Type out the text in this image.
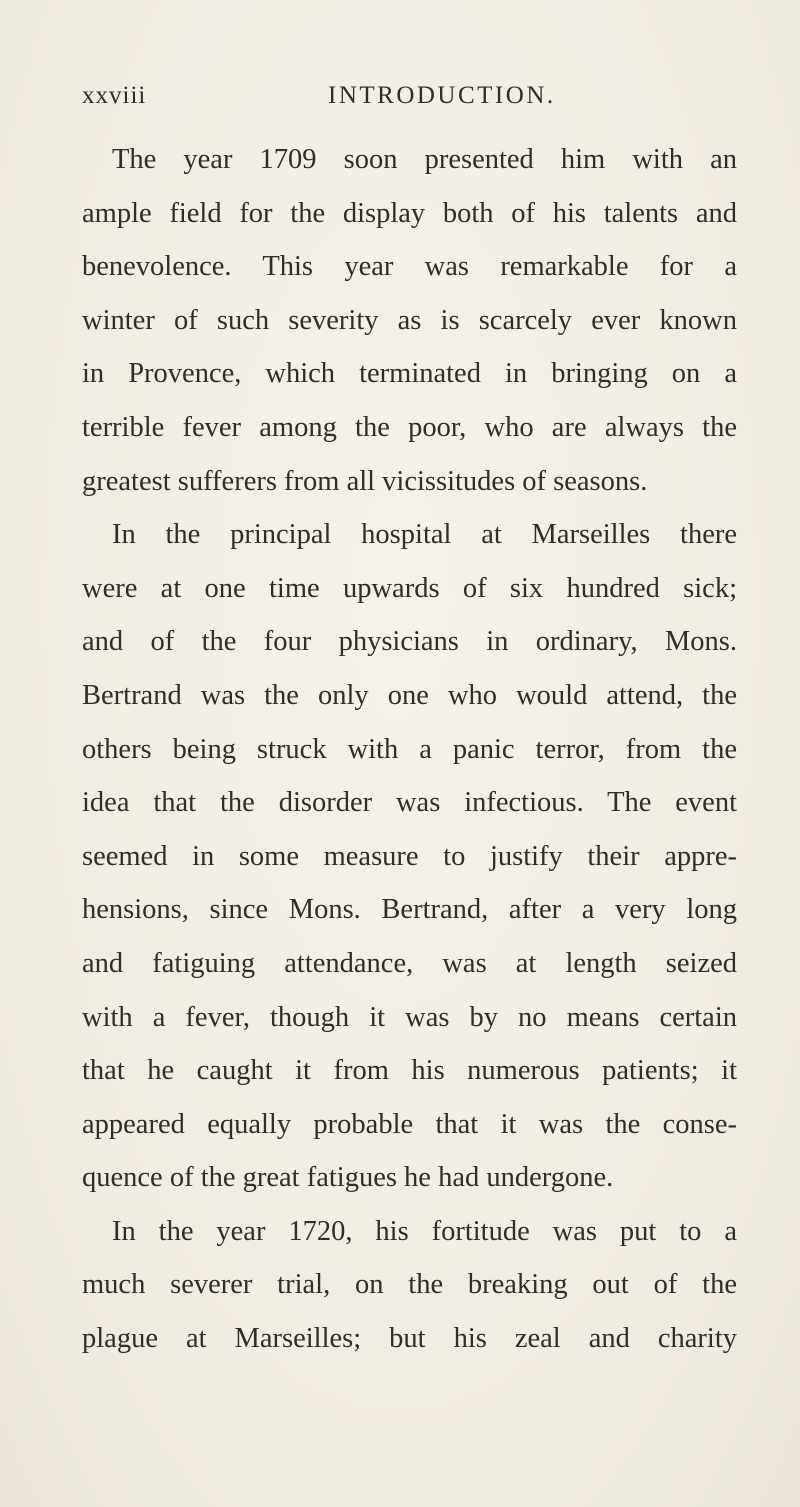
xxviii	INTRODUCTION.
The year 1709 soon presented him with an
ample field for the display both of his talents and
benevolence. This year was remarkable for a
winter of such severity as is scarcely ever known
in Provence, which terminated in bringing on a
terrible fever among the poor, who are always the
greatest sufferers from all vicissitudes of seasons.
In the principal hospital at Marseilles there
were at one time upwards of six hundred sick;
and of the four physicians in ordinary, Mons.
Bertrand was the only one who would attend, the
others being struck with a panic terror, from the
idea that the disorder was infectious. The event
seemed in some measure to justify their appre-
hensions, since Mons. Bertrand, after a very long
and fatiguing attendance, was at length seized
with a fever, though it was by no means certain
that he caught it from his numerous patients; it
appeared equally probable that it was the conse-
quence of the great fatigues he had undergone.
In the year 1720, his fortitude was put to a
much severer trial, on the breaking out of the
plague at Marseilles; but his zeal and charity
